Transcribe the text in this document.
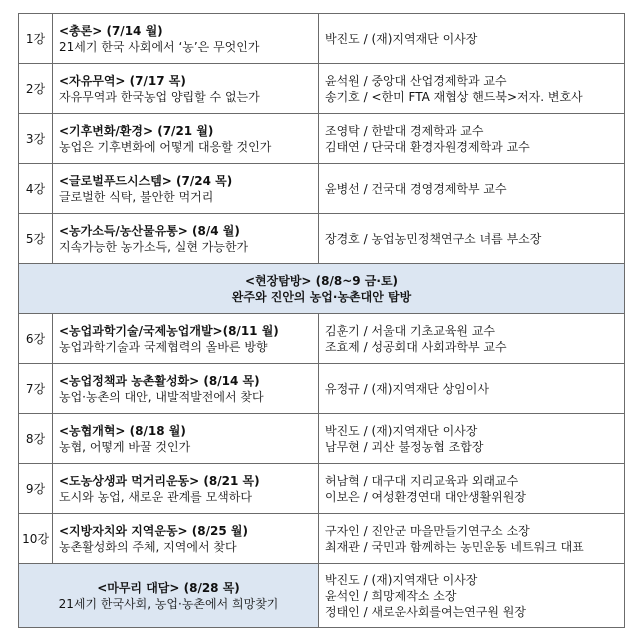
1강	<총론> (7/14 월)
21세기 한국 사회에서 ‘농’은 무엇인가	박진도 / (재)지역재단 이사장

2강	<자유무역> (7/17 목)
자유무역과 한국농업 양립할 수 없는가	윤석원 / 중앙대 산업경제학과 교수
송기호 / <한미 FTA 재협상 핸드북>저자. 변호사

3강	<기후변화/환경> (7/21 월)
농업은 기후변화에 어떻게 대응할 것인가	조영탁 / 한밭대 경제학과 교수
김태연 / 단국대 환경자원경제학과 교수

4강	<글로벌푸드시스템> (7/24 목)
글로벌한 식탁, 불안한 먹거리	윤병선 / 건국대 경영경제학부 교수

5강	<농가소득/농산물유통> (8/4 월)
지속가능한 농가소득, 실현 가능한가	장경호 / 농업농민정책연구소 녀름 부소장

<현장탐방> (8/8~9 금·토)
완주와 진안의 농업·농촌대안 탐방		

6강	<농업과학기술/국제농업개발>(8/11 월)
농업과학기술과 국제협력의 올바른 방향	김훈기 / 서울대 기초교육원 교수
조효제 / 성공회대 사회과학부 교수

7강	<농업정책과 농촌활성화> (8/14 목)
농업·농촌의 대안, 내발적발전에서 찾다	유정규 / (재)지역재단 상임이사

8강	<농협개혁> (8/18 월)
농협, 어떻게 바꿀 것인가	박진도 / (재)지역재단 이사장
남무현 / 괴산 불정농협 조합장

9강	<도농상생과 먹거리운동> (8/21 목)
도시와 농업, 새로운 관계를 모색하다	허남혁 / 대구대 지리교육과 외래교수
이보은 / 여성환경연대 대안생활위원장

10강	<지방자치와 지역운동> (8/25 월)
농촌활성화의 주체, 지역에서 찾다	구자인 / 진안군 마을만들기연구소 소장
최재관 / 국민과 함께하는 농민운동 네트워크 대표

<마무리 대담> (8/28 목)
21세기 한국사회, 농업·농촌에서 희망찾기		박진도 / (재)지역재단 이사장
윤석인 / 희망제작소 소장
정태인 / 새로운사회를여는연구원 원장
